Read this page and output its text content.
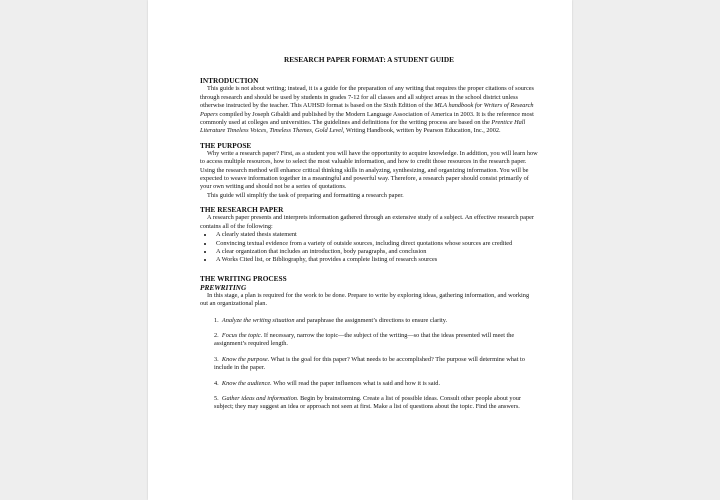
RESEARCH PAPER FORMAT: A STUDENT GUIDE
INTRODUCTION

This guide is not about writing; instead, it is a guide for the preparation of any writing that requires the proper citations of sources through research and should be used by students in grades 7-12 for all classes and all subject areas in the school district unless otherwise instructed by the teacher. This AUHSD format is based on the Sixth Edition of the MLA handbook for Writers of Research Papers compiled by Joseph Gibaldi and published by the Modern Language Association of America in 2003. It is the reference most commonly used at colleges and universities. The guidelines and definitions for the writing process are based on the Prentice Hall Literature Timeless Voices, Timeless Themes, Gold Level, Writing Handbook, written by Pearson Education, Inc., 2002.

THE PURPOSE

Why write a research paper? First, as a student you will have the opportunity to acquire knowledge. In addition, you will learn how to access multiple resources, how to select the most valuable information, and how to credit those resources in the research paper. Using the research method will enhance critical thinking skills in analyzing, synthesizing, and organizing information. You will be expected to weave information together in a meaningful and powerful way. Therefore, a research paper should consist primarily of your own writing and should not be a series of quotations.

This guide will simplify the task of preparing and formatting a research paper.

THE RESEARCH PAPER

A research paper presents and interprets information gathered through an extensive study of a subject. An effective research paper contains all of the following:

• A clearly stated thesis statement
• Convincing textual evidence from a variety of outside sources, including direct quotations whose sources are credited
• A clear organization that includes an introduction, body paragraphs, and conclusion
• A Works Cited list, or Bibliography, that provides a complete listing of research sources
THE WRITING PROCESS
PREWRITING

In this stage, a plan is required for the work to be done. Prepare to write by exploring ideas, gathering information, and working out an organizational plan.

1. Analyze the writing situation and paraphrase the assignment’s directions to ensure clarity.
2. Focus the topic. If necessary, narrow the topic—the subject of the writing—so that the ideas presented will meet the assignment’s required length.
3. Know the purpose. What is the goal for this paper? What needs to be accomplished? The purpose will determine what to include in the paper.
4. Know the audience. Who will read the paper influences what is said and how it is said.
5. Gather ideas and information. Begin by brainstorming. Create a list of possible ideas. Consult other people about your subject; they may suggest an idea or approach not seen at first. Make a list of questions about the topic. Find the answers.
